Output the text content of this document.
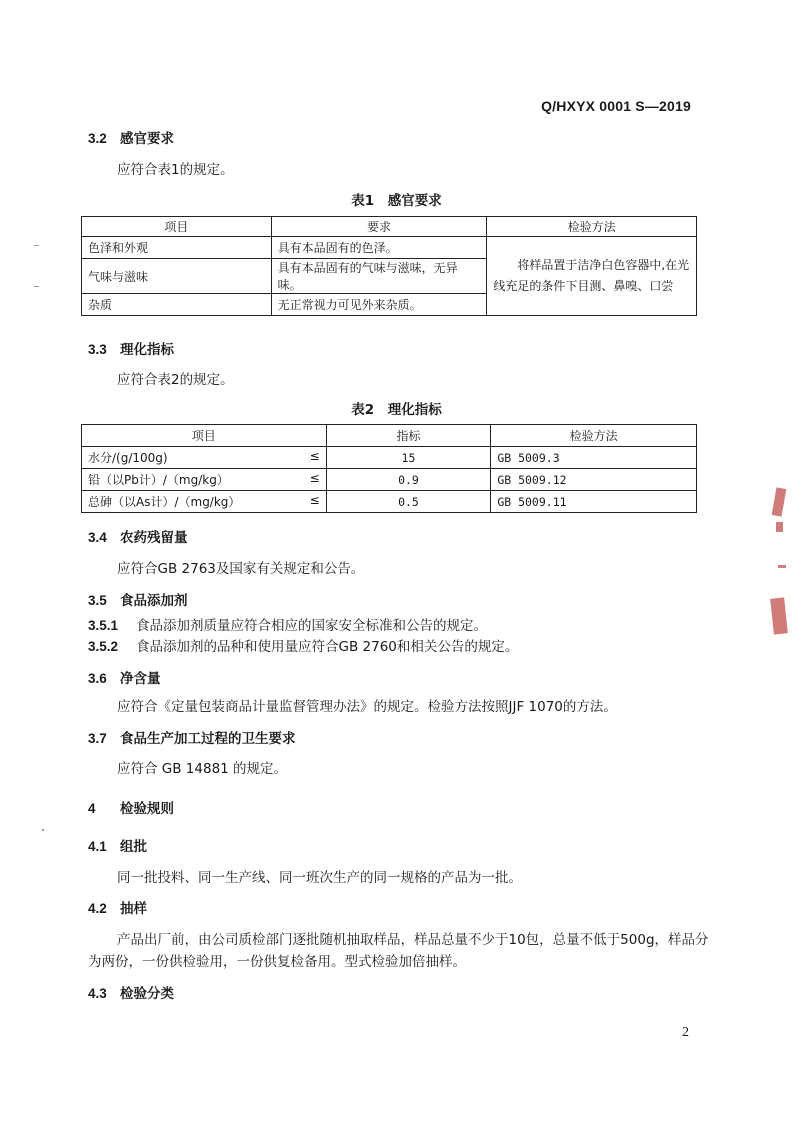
Q/HXYX 0001 S—2019
3.2 感官要求
应符合表1的规定。
表1　感官要求
项目	要求	检验方法
色泽和外观	具有本品固有的色泽。	将样品置于洁净白色容器中,在光
线充足的条件下目测、鼻嗅、口尝

气味与滋味	具有本品固有的气味与滋味，无异味。	
杂质	无正常视力可见外来杂质。	
3.3 理化指标
应符合表2的规定。
表2　理化指标
项目	指标	检验方法
水分/(g/100g) ≤	15	GB 5009.3
铅（以Pb计）/（mg/kg） ≤	0.9	GB 5009.12
总砷（以As计）/（mg/kg） ≤	0.5	GB 5009.11
3.4 农药残留量
应符合GB 2763及国家有关规定和公告。
3.5 食品添加剂
3.5.1 食品添加剂质量应符合相应的国家安全标准和公告的规定。
3.5.2 食品添加剂的品种和使用量应符合GB 2760和相关公告的规定。
3.6 净含量
应符合《定量包装商品计量监督管理办法》的规定。检验方法按照JJF 1070的方法。
3.7 食品生产加工过程的卫生要求
应符合 GB 14881 的规定。
4 检验规则
4.1 组批
同一批投料、同一生产线、同一班次生产的同一规格的产品为一批。
4.2 抽样
产品出厂前，由公司质检部门逐批随机抽取样品，样品总量不少于10包，总量不低于500g，样品分
为两份，一份供检验用，一份供复检备用。型式检验加倍抽样。
4.3 检验分类
2
